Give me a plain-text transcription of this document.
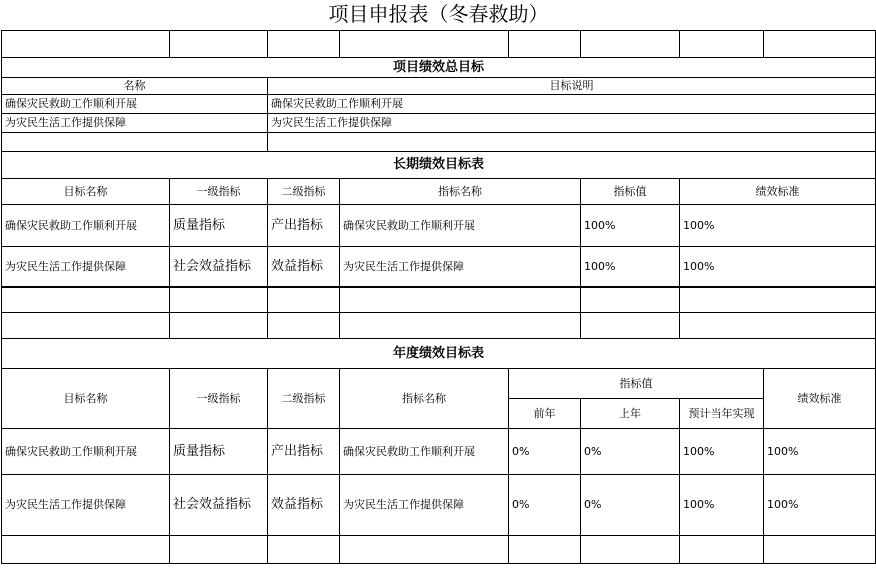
项目申报表（冬春救助）							

项目绩效总目标							
名称		目标说明					
确保灾民救助工作顺利开展		确保灾民救助工作顺利开展					
为灾民生活工作提供保障		为灾民生活工作提供保障					

长期绩效目标表							
目标名称	一级指标	二级指标	指标名称		指标值	绩效标准	
确保灾民救助工作顺利开展	质量指标	产出指标	确保灾民救助工作顺利开展		100%	100%	
为灾民生活工作提供保障	社会效益指标	效益指标	为灾民生活工作提供保障		100%	100%	

年度绩效目标表							
目标名称	一级指标	二级指标	指标名称	指标值			绩效标准
				前年	上年	预计当年实现	
确保灾民救助工作顺利开展	质量指标	产出指标	确保灾民救助工作顺利开展	0%	0%	100%	100%
为灾民生活工作提供保障	社会效益指标	效益指标	为灾民生活工作提供保障	0%	0%	100%	100%
